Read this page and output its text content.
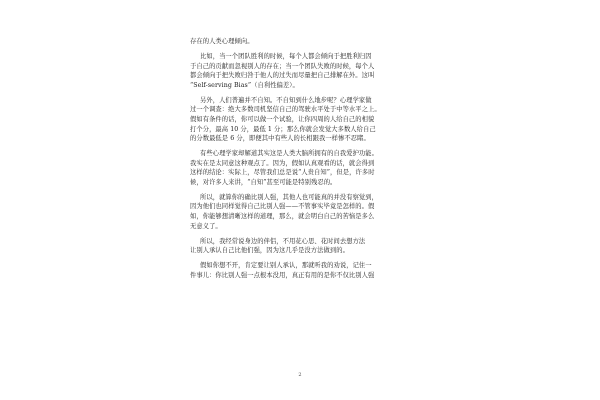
存在的人类心理倾向。
比如，当一个团队胜利的时候，每个人都会倾向于把胜利归因
于自己的贡献而忽视别人的存在；当一个团队失败的时候，每个人
都会倾向于把失败归咎于他人的过失而尽量把自己排解在外。这叫
“Self-serving Bias”（自利性偏差）。
另外，人们普遍并不自知。不自知到什么地步呢？心理学家做
过一个调查：绝大多数司机坚信自己的驾驶水平处于中等水平之上。
假如有条件的话，你可以做一个试验，让你四周的人给自己的相貌
打个分，最高 10 分，最低 1 分；那么你就会发觉大多数人给自己
的分数最低是 6 分，即便其中有些人的长相跟我一样惨不忍睹。
有些心理学家却解道其实这是人类大脑所拥有的自我爱护功能。
我实在是太同意这种观点了。因为，假如认真观看的话，就会得到
这样的结论：实际上，尽管我们总是说“人贵自知”，但是，许多时
候，对许多人来讲，“自知”甚至可能是特别残忍的。
所以，就算你的确比别人强，其他人也可能真的并没有察觉到，
因为他们也同样觉得自己比别人强——不管事实毕竟是怎样的。假
如，你能够想清晰这样的道理，那么，就会明白自己的苦恼是多么
无意义了。
所以，我经常说身边的伴侣，不用花心思、花时间去想方法
让别人承认自己比他们强，因为这几乎是没方法做到的。
假如你想不开，肯定要让别人承认，那就听我的劝说，记住一
件事儿：你比别人强一点根本没用，真正有用的是你不仅比别人强
2
